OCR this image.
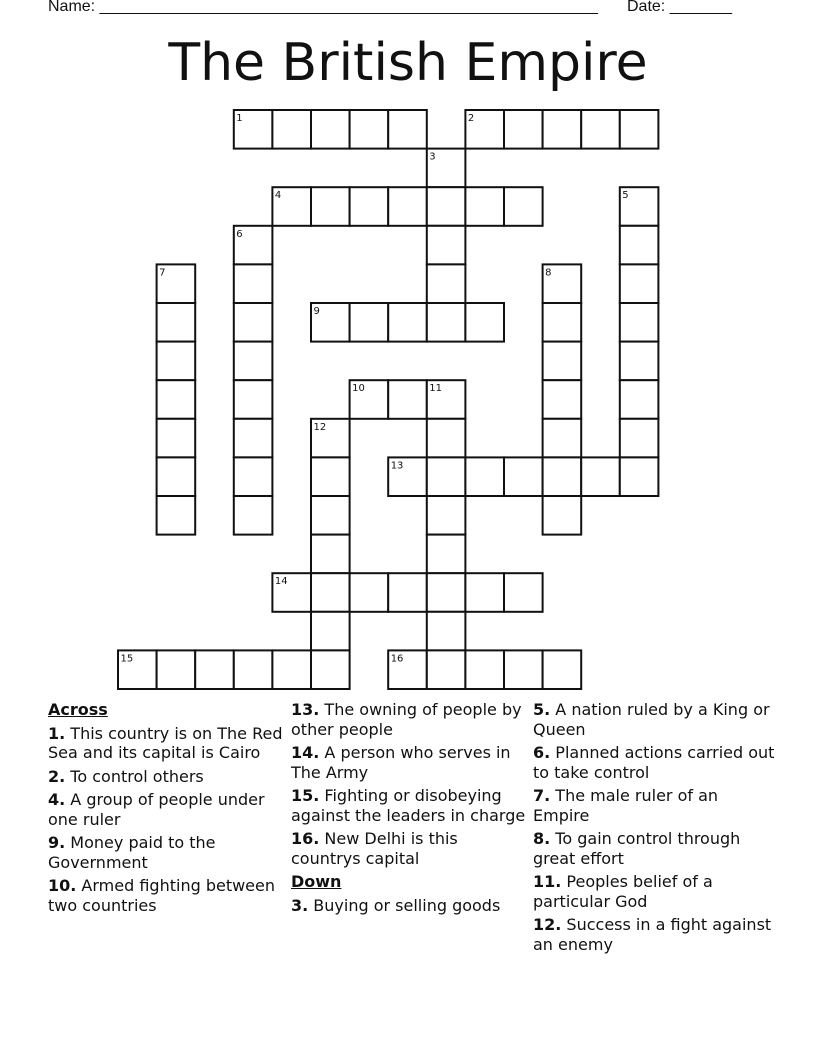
Name: ________________________________________________________ Date: _______
The British Empire
1	2
3
4	5
6
7	8
9
10	11
12
13
14
15	16
Across
1. This country is on The Red Sea and its capital is Cairo
2. To control others
4. A group of people under one ruler
9. Money paid to the Government
10. Armed fighting between two countries
13. The owning of people by other people
14. A person who serves in The Army
15. Fighting or disobeying against the leaders in charge
16. New Delhi is this countrys capital
Down
3. Buying or selling goods
5. A nation ruled by a King or Queen
6. Planned actions carried out to take control
7. The male ruler of an Empire
8. To gain control through great effort
11. Peoples belief of a particular God
12. Success in a fight against an enemy
